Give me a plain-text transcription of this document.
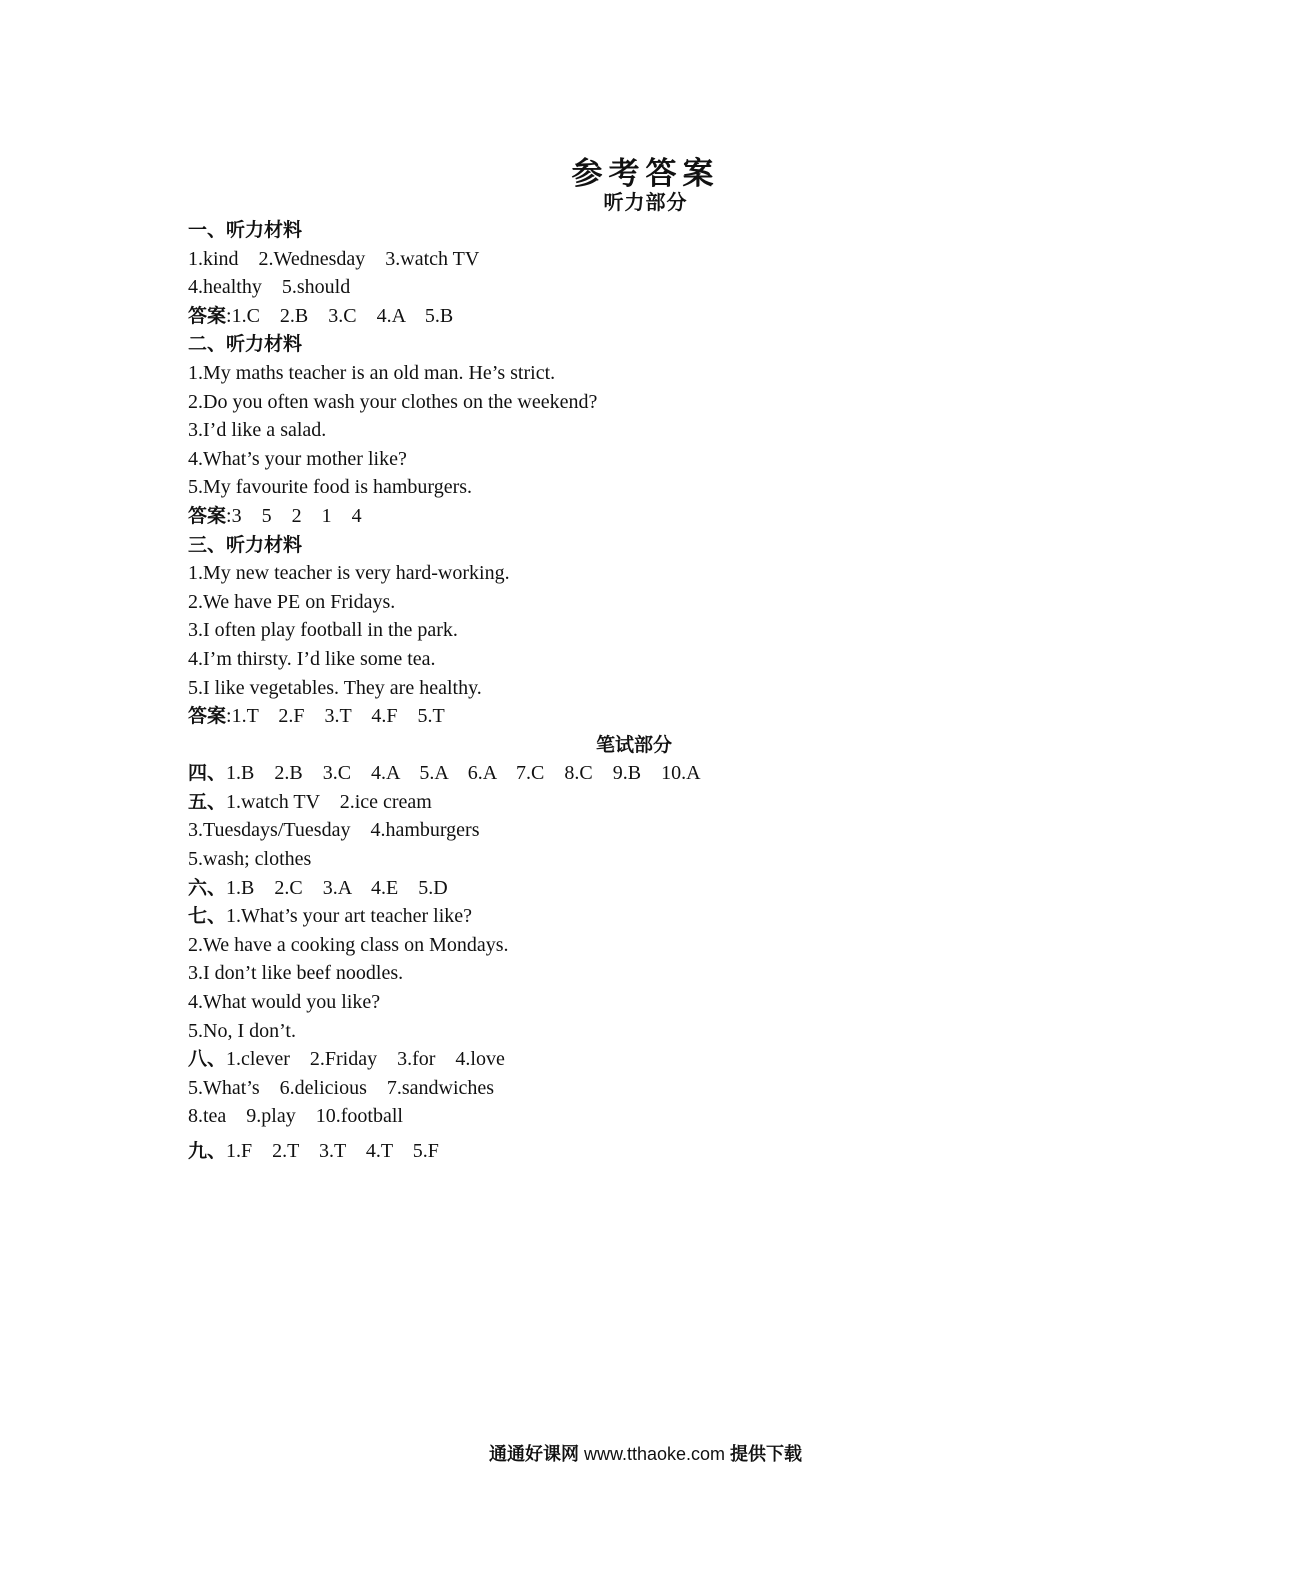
参考答案
听力部分
一、听力材料
1.kind    2.Wednesday    3.watch TV
4.healthy    5.should
答案:1.C    2.B    3.C    4.A    5.B
二、听力材料
1.My maths teacher is an old man. He’s strict.
2.Do you often wash your clothes on the weekend?
3.I’d like a salad.
4.What’s your mother like?
5.My favourite food is hamburgers.
答案:3    5    2    1    4
三、听力材料
1.My new teacher is very hard-working.
2.We have PE on Fridays.
3.I often play football in the park.
4.I’m thirsty. I’d like some tea.
5.I like vegetables. They are healthy.
答案:1.T    2.F    3.T    4.F    5.T
笔试部分
四、1.B    2.B    3.C    4.A    5.A    6.A    7.C    8.C    9.B    10.A
五、1.watch TV    2.ice cream
3.Tuesdays/Tuesday    4.hamburgers
5.wash; clothes
六、1.B    2.C    3.A    4.E    5.D
七、1.What’s your art teacher like?
2.We have a cooking class on Mondays.
3.I don’t like beef noodles.
4.What would you like?
5.No, I don’t.
八、1.clever    2.Friday    3.for    4.love
5.What’s    6.delicious    7.sandwiches
8.tea    9.play    10.football
九、1.F    2.T    3.T    4.T    5.F
通通好课网 www.tthaoke.com 提供下载
